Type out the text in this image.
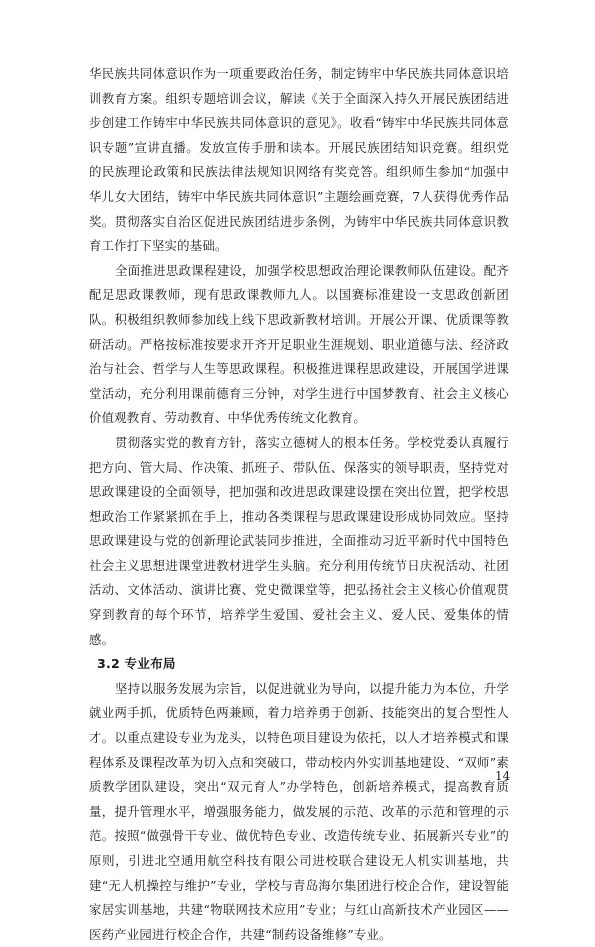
华民族共同体意识作为一项重要政治任务，制定铸牢中华民族共同体意识培训教育方案。组织专题培训会议，解读《关于全面深入持久开展民族团结进步创建工作铸牢中华民族共同体意识的意见》。收看“铸牢中华民族共同体意识专题”宣讲直播。发放宣传手册和读本。开展民族团结知识竞赛。组织党的民族理论政策和民族法律法规知识网络有奖竞答。组织师生参加“加强中华儿女大团结，铸牢中华民族共同体意识”主题绘画竞赛，7人获得优秀作品奖。贯彻落实自治区促进民族团结进步条例，为铸牢中华民族共同体意识教育工作打下坚实的基础。

全面推进思政课程建设，加强学校思想政治理论课教师队伍建设。配齐配足思政课教师，现有思政课教师九人。以国赛标准建设一支思政创新团队。积极组织教师参加线上线下思政新教材培训。开展公开课、优质课等教研活动。严格按标准按要求开齐开足职业生涯规划、职业道德与法、经济政治与社会、哲学与人生等思政课程。积极推进课程思政建设，开展国学进课堂活动，充分利用课前德育三分钟，对学生进行中国梦教育、社会主义核心价值观教育、劳动教育、中华优秀传统文化教育。

贯彻落实党的教育方针，落实立德树人的根本任务。学校党委认真履行把方向、管大局、作决策、抓班子、带队伍、保落实的领导职责，坚持党对思政课建设的全面领导，把加强和改进思政课建设摆在突出位置，把学校思想政治工作紧紧抓在手上，推动各类课程与思政课建设形成协同效应。坚持思政课建设与党的创新理论武装同步推进，全面推动习近平新时代中国特色社会主义思想进课堂进教材进学生头脑。充分利用传统节日庆祝活动、社团活动、文体活动、演讲比赛、党史微课堂等，把弘扬社会主义核心价值观贯穿到教育的每个环节，培养学生爱国、爱社会主义、爱人民、爱集体的情感。

3.2 专业布局

坚持以服务发展为宗旨，以促进就业为导向，以提升能力为本位，升学就业两手抓，优质特色两兼顾，着力培养勇于创新、技能突出的复合型性人才。以重点建设专业为龙头，以特色项目建设为依托，以人才培养模式和课程体系及课程改革为切入点和突破口，带动校内外实训基地建设、“双师”素质教学团队建设，突出“双元育人”办学特色，创新培养模式，提高教育质量，提升管理水平，增强服务能力，做发展的示范、改革的示范和管理的示范。按照“做强骨干专业、做优特色专业、改造传统专业、拓展新兴专业”的原则，引进北空通用航空科技有限公司进校联合建设无人机实训基地，共建“无人机操控与维护”专业，学校与青岛海尔集团进行校企合作，建设智能家居实训基地，共建“物联网技术应用”专业；与红山高新技术产业园区——医药产业园进行校企合作，共建“制药设备维修”专业。

14
